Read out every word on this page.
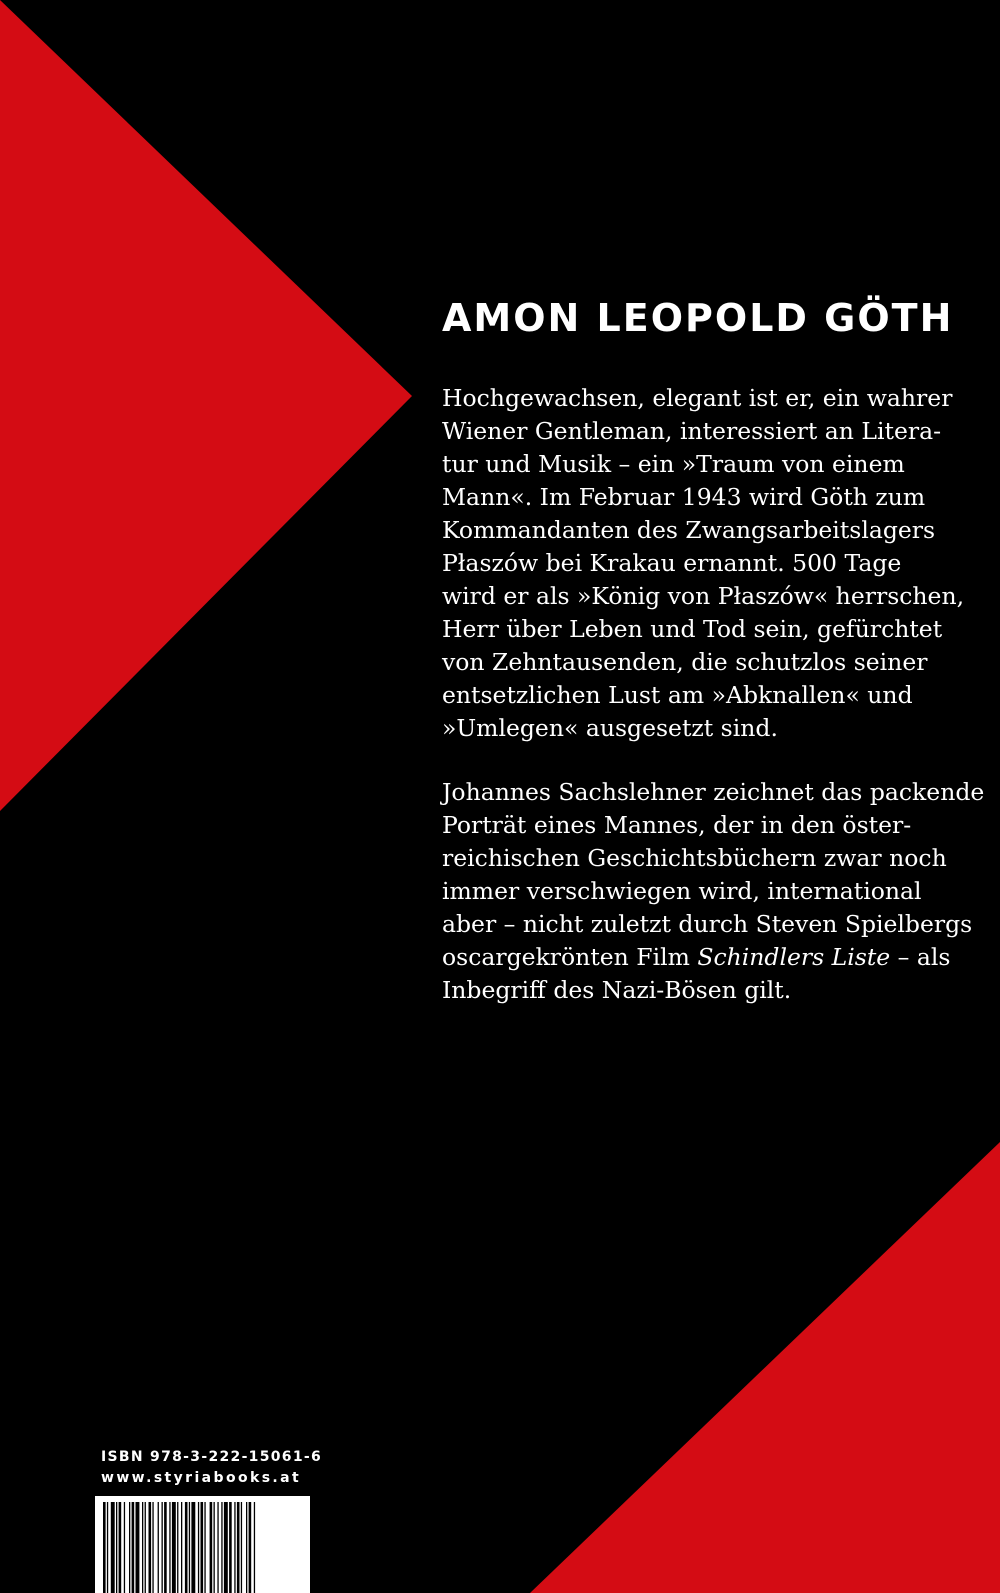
AMON LEOPOLD GÖTH
Hochgewachsen, elegant ist er, ein wahrer
Wiener Gentleman, interessiert an Litera-
tur und Musik – ein »Traum von einem
Mann«. Im Februar 1943 wird Göth zum
Kommandanten des Zwangsarbeitslagers
Płaszów bei Krakau ernannt. 500 Tage
wird er als »König von Płaszów« herrschen,
Herr über Leben und Tod sein, gefürchtet
von Zehntausenden, die schutzlos seiner
entsetzlichen Lust am »Abknallen« und
»Umlegen« ausgesetzt sind.
Johannes Sachslehner zeichnet das packende
Porträt eines Mannes, der in den öster-
reichischen Geschichtsbüchern zwar noch
immer verschwiegen wird, international
aber – nicht zuletzt durch Steven Spielbergs
oscargekrönten Film Schindlers Liste – als
Inbegriff des Nazi-Bösen gilt.
ISBN 978-3-222-15061-6
www.styriabooks.at
